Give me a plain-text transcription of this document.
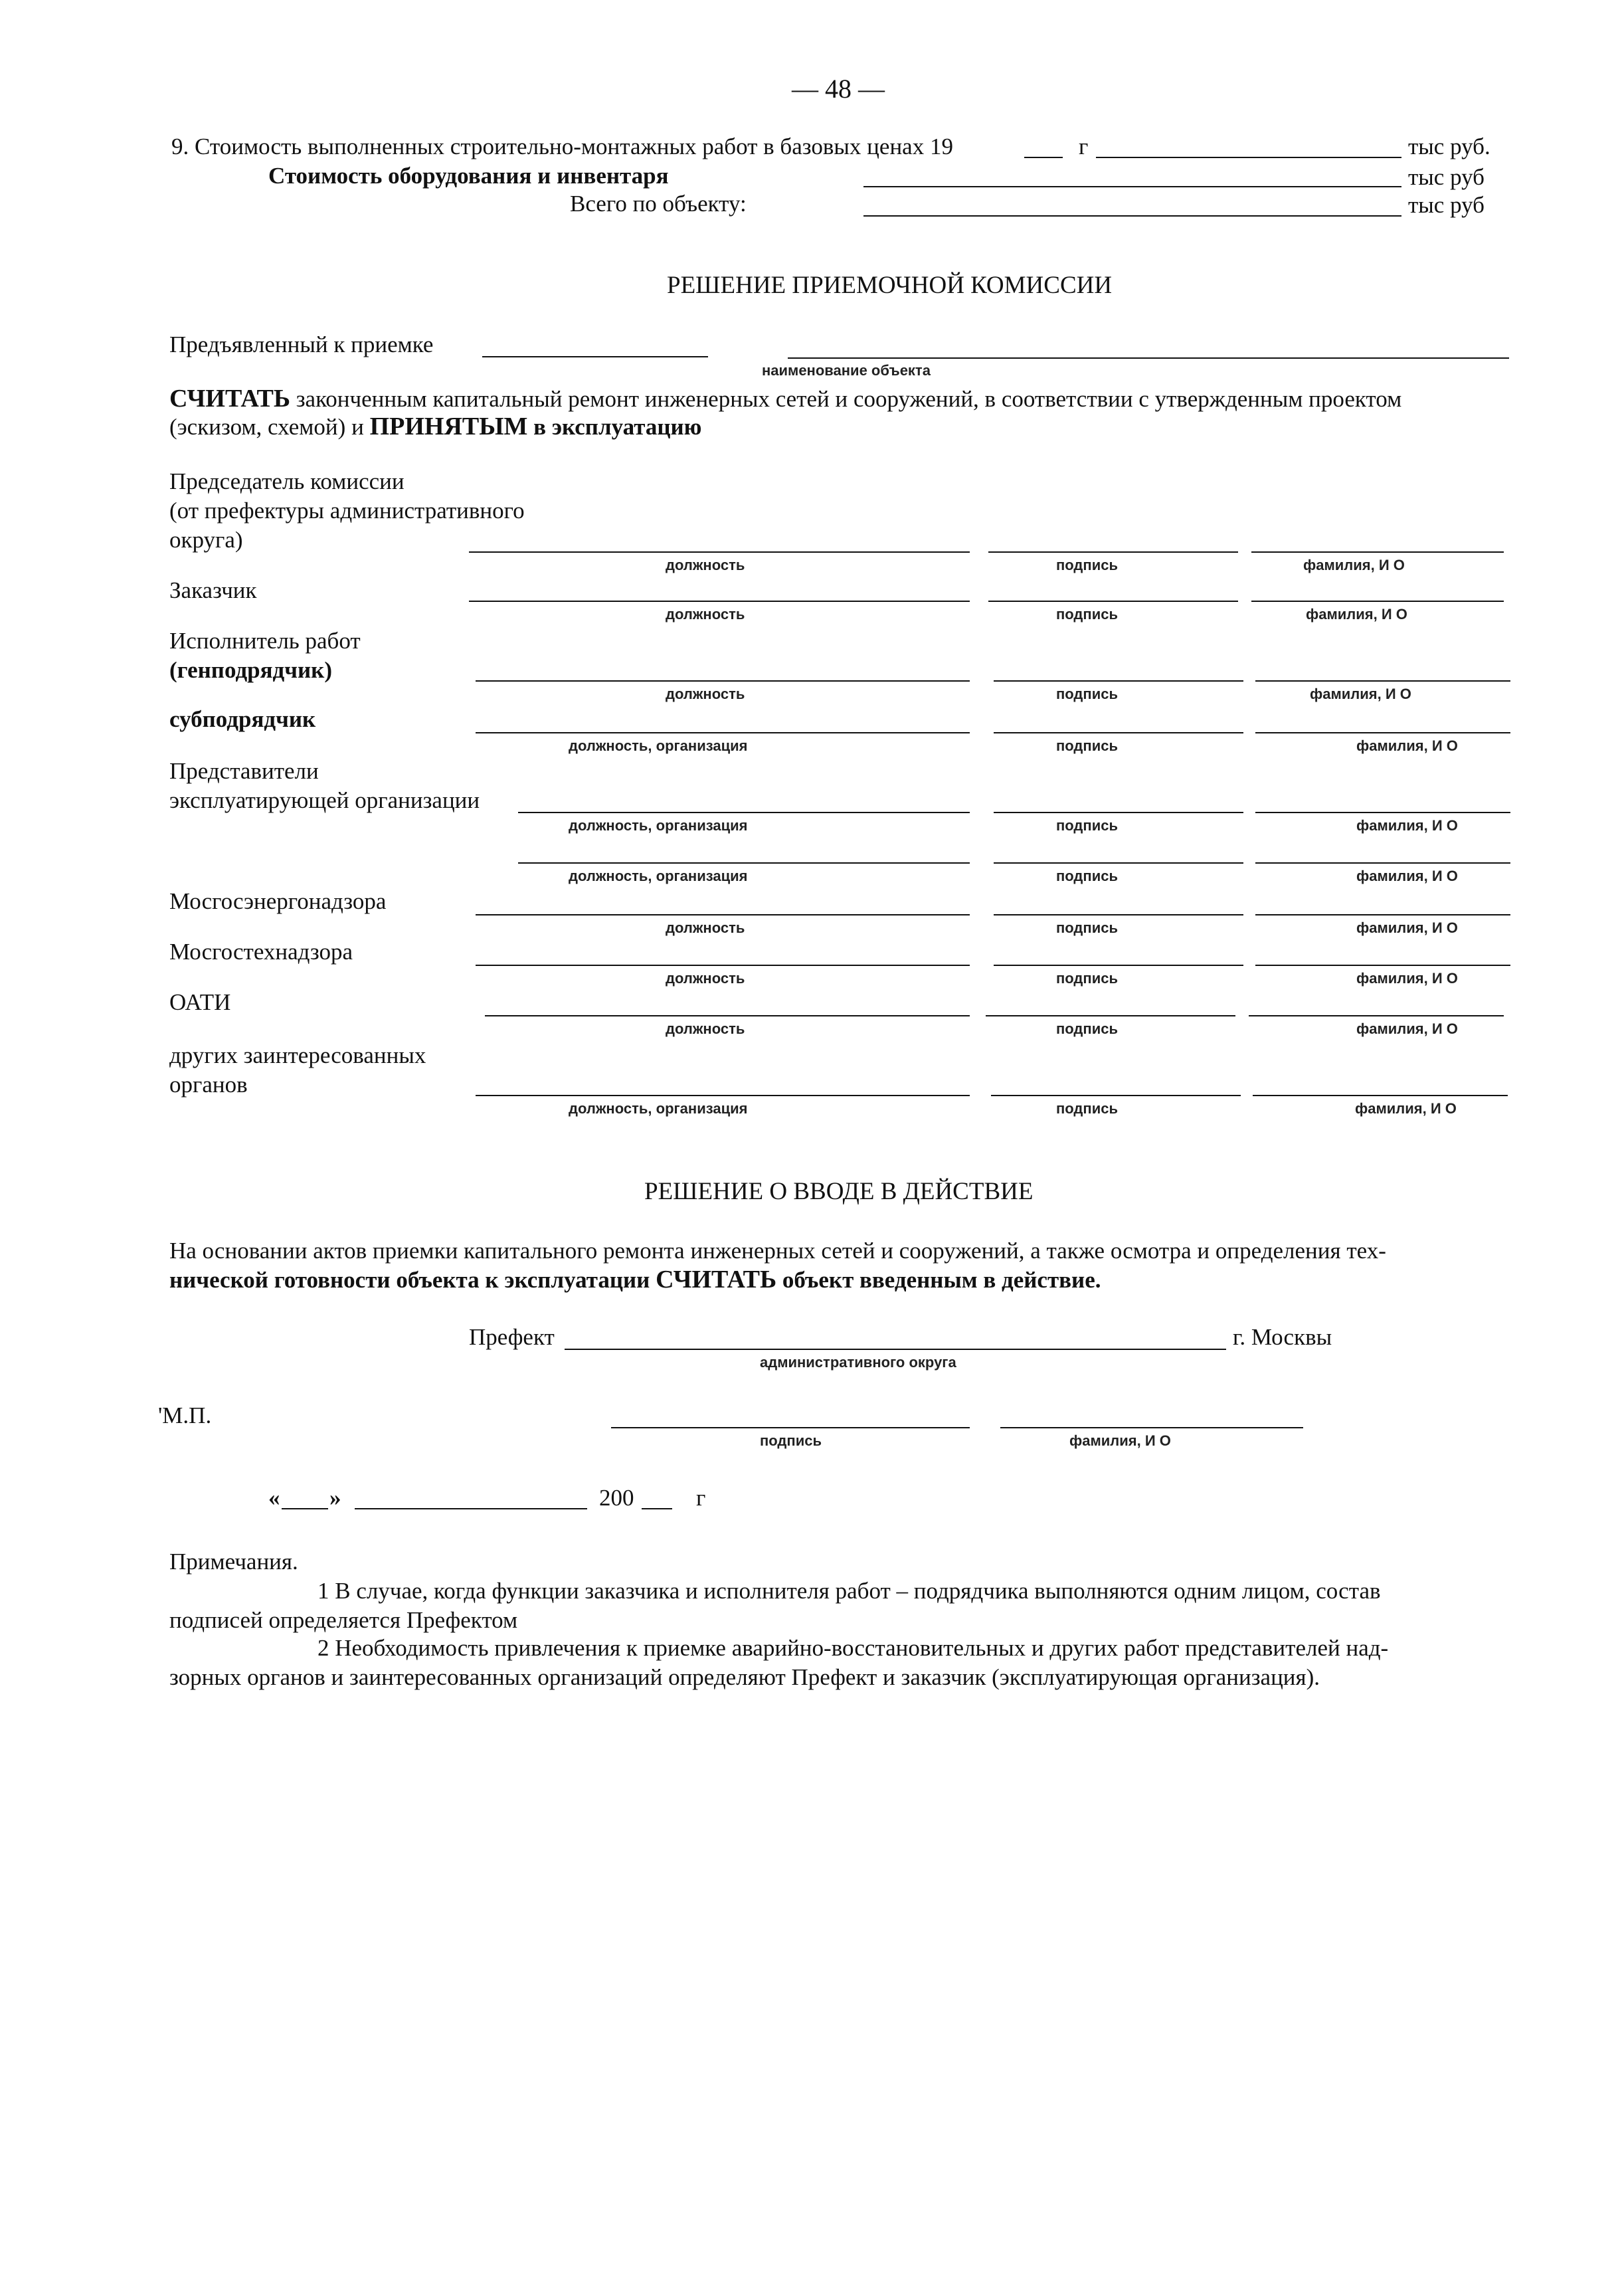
— 48 —
9. Стоимость выполненных строительно-монтажных работ в базовых ценах 19	г	тыс руб.
Стоимость оборудования и инвентаря	тыс руб
Всего по объекту:	тыс руб
РЕШЕНИЕ ПРИЕМОЧНОЙ КОМИССИИ
Предъявленный к приемке
наименование объекта
СЧИТАТЬ законченным капитальный ремонт инженерных сетей и сооружений, в соответствии с утвержденным проектом
(эскизом, схемой) и ПРИНЯТЫМ в эксплуатацию
Председатель комиссии
(от префектуры административного
округа)
должность	подпись	фамилия, И О
Заказчик
должность	подпись	фамилия, И О
Исполнитель работ
(генподрядчик)
должность	подпись	фамилия, И О
субподрядчик
должность, организация	подпись	фамилия, И О
Представители
эксплуатирующей организации
должность, организация	подпись	фамилия, И О
должность, организация	подпись	фамилия, И О
Мосгосэнергонадзора
должность	подпись	фамилия, И О
Мосгостехнадзора
должность	подпись	фамилия, И О
ОАТИ
должность	подпись	фамилия, И О
других заинтересованных
органов
должность, организация	подпись	фамилия, И О
РЕШЕНИЕ О ВВОДЕ В ДЕЙСТВИЕ
На основании актов приемки капитального ремонта инженерных сетей и сооружений, а также осмотра и определения тех-
нической готовности объекта к эксплуатации СЧИТАТЬ объект введенным в действие.
Префект	г. Москвы
административного округа
'М.П.
подпись	фамилия, И О
« »	200	г
Примечания.
1 В случае, когда функции заказчика и исполнителя работ – подрядчика выполняются одним лицом, состав
подписей определяется Префектом
2 Необходимость привлечения к приемке аварийно-восстановительных и других работ представителей над-
зорных органов и заинтересованных организаций определяют Префект и заказчик (эксплуатирующая организация).
